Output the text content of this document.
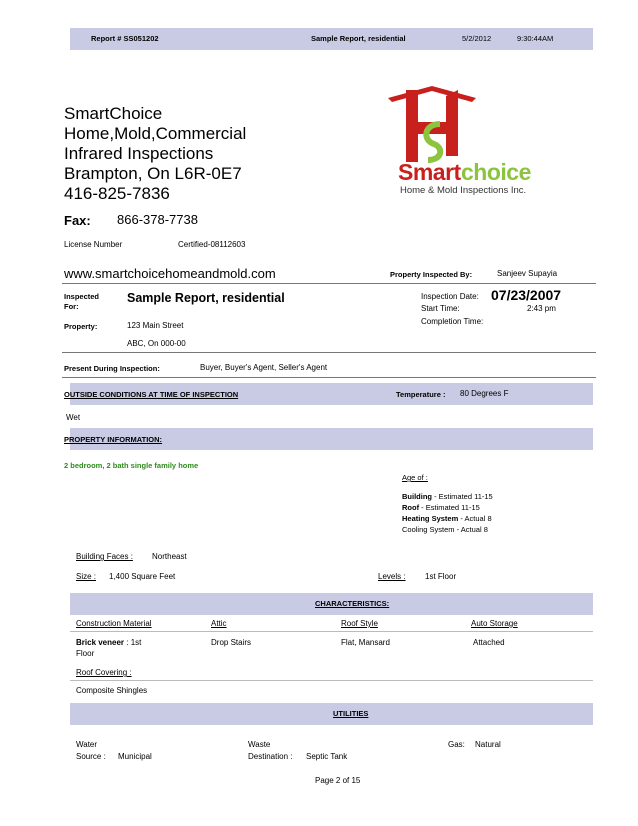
Report # SS051202	Sample Report, residential	5/2/2012	9:30:44AM
SmartChoice
Home,Mold,Commercial
Infrared Inspections
Brampton, On L6R-0E7
416-825-7836
Fax: 866-378-7738
License Number	Certified-08112603
Smart choice
Home & Mold Inspections Inc.
www.smartchoicehomeandmold.com	Property Inspected By:	Sanjeev Supayia
Inspected
For:
Sample Report, residential	Inspection Date: 07/23/2007
Start Time:	2:43 pm
Completion Time:
Property:	123 Main Street
ABC, On 000-00
Present During Inspection:	Buyer, Buyer's Agent, Seller's Agent
OUTSIDE CONDITIONS AT TIME OF INSPECTION	Temperature : 80 Degrees F
Wet
PROPERTY INFORMATION:
2 bedroom, 2 bath single family home
Age of :
Building - Estimated 11-15
Roof - Estimated 11-15
Heating System - Actual 8
Cooling System - Actual 8
Building Faces : Northeast
Size : 1,400 Square Feet	Levels : 1st Floor
CHARACTERISTICS:
Construction Material	Attic	Roof Style	Auto Storage
Brick veneer : 1st
Floor
Drop Stairs	Flat, Mansard	Attached
Roof Covering :
Composite Shingles
UTILITIES
Water
Source : Municipal
Waste
Destination : Septic Tank
Gas: Natural
Page 2 of 15
